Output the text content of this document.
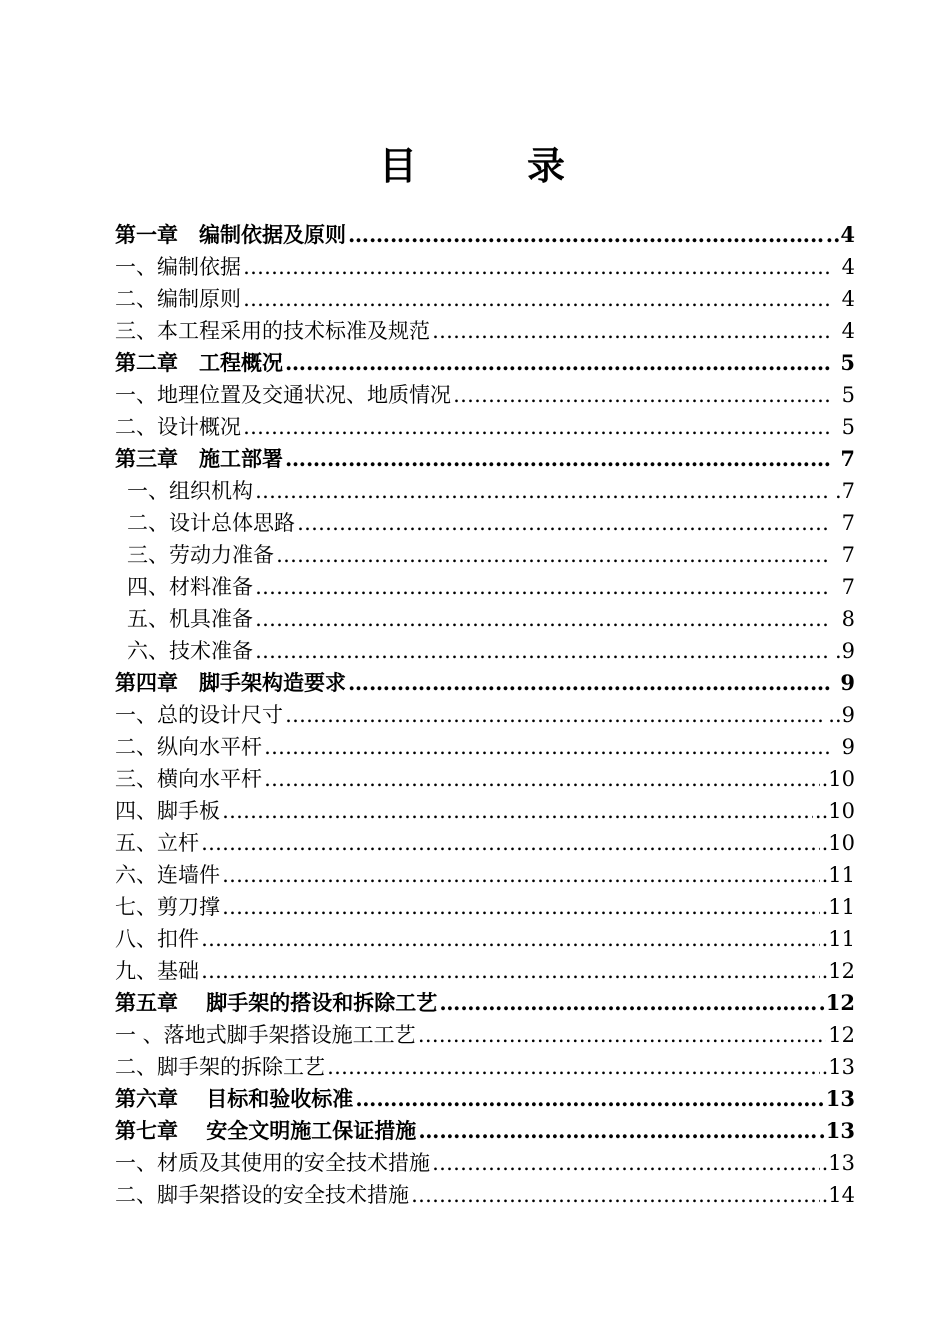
目　录
第一章　编制依据及原则 ………………………………………………………………………………………………………………………………………………………………	..4
一、编制依据 ………………………………………………………………………………………………………………………………………………………………	4
二、编制原则 ………………………………………………………………………………………………………………………………………………………………	4
三、本工程采用的技术标准及规范 ………………………………………………………………………………………………………………………………………………………………	4
第二章　工程概况 ………………………………………………………………………………………………………………………………………………………………	5
一、地理位置及交通状况、地质情况 ………………………………………………………………………………………………………………………………………………………………	5
二、设计概况 ………………………………………………………………………………………………………………………………………………………………	5
第三章　施工部署 ………………………………………………………………………………………………………………………………………………………………	7
一、组织机构 ………………………………………………………………………………………………………………………………………………………………	.7
二、设计总体思路 ………………………………………………………………………………………………………………………………………………………………	7
三、劳动力准备 ………………………………………………………………………………………………………………………………………………………………	7
四、材料准备 ………………………………………………………………………………………………………………………………………………………………	7
五、机具准备 ………………………………………………………………………………………………………………………………………………………………	8
六、技术准备 ………………………………………………………………………………………………………………………………………………………………	.9
第四章　脚手架构造要求 ………………………………………………………………………………………………………………………………………………………………	9
一、总的设计尺寸 ………………………………………………………………………………………………………………………………………………………………	..9
二、纵向水平杆 ………………………………………………………………………………………………………………………………………………………………	9
三、横向水平杆 ………………………………………………………………………………………………………………………………………………………………	.10
四、脚手板 ………………………………………………………………………………………………………………………………………………………………	..10
五、立杆 ………………………………………………………………………………………………………………………………………………………………	.10
六、连墙件 ………………………………………………………………………………………………………………………………………………………………	.11
七、剪刀撑 ………………………………………………………………………………………………………………………………………………………………	.11
八、扣件 ………………………………………………………………………………………………………………………………………………………………	.11
九、基础 ………………………………………………………………………………………………………………………………………………………………	.12
第五章　 脚手架的搭设和拆除工艺 ………………………………………………………………………………………………………………………………………………………………	.12
一 、落地式脚手架搭设施工工艺 ………………………………………………………………………………………………………………………………………………………………	12
二、脚手架的拆除工艺 ………………………………………………………………………………………………………………………………………………………………	.13
第六章　 目标和验收标准 ………………………………………………………………………………………………………………………………………………………………	13
第七章　 安全文明施工保证措施 ………………………………………………………………………………………………………………………………………………………………	.13
一、材质及其使用的安全技术措施 ………………………………………………………………………………………………………………………………………………………………	.13
二、脚手架搭设的安全技术措施 ………………………………………………………………………………………………………………………………………………………………	.14
